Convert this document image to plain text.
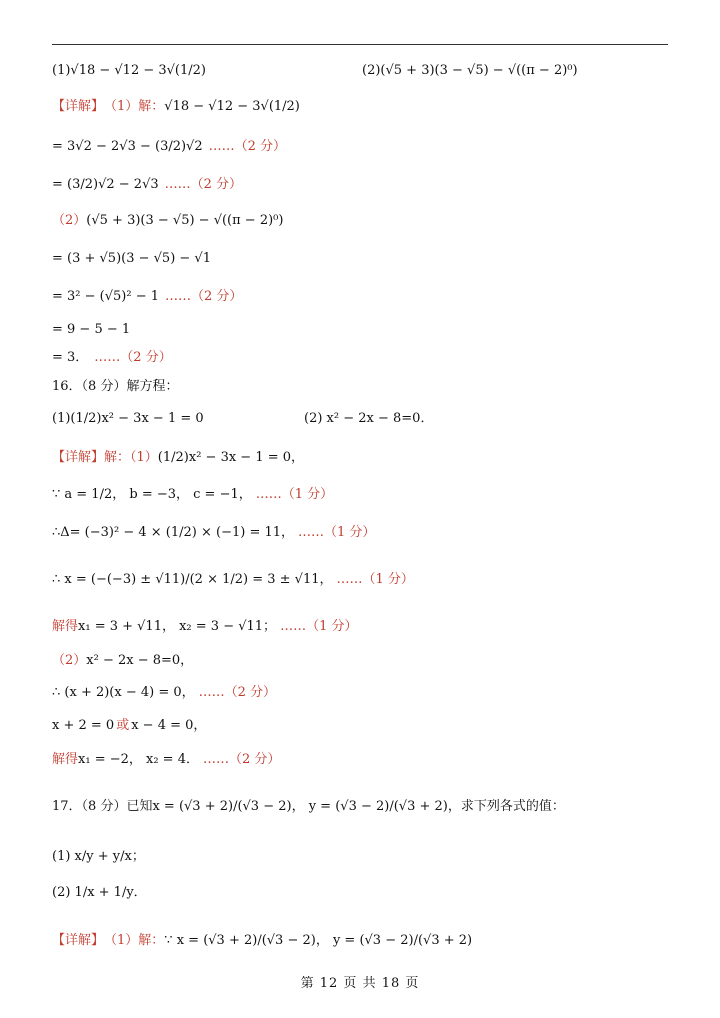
(1)√18 − √12 − 3√(1/2)	(2)(√5 + 3)(3 − √5) − √((π − 2)⁰)
【详解】 （1）解： √18 − √12 − 3√(1/2)
= 3√2 − 2√3 − (3/2)√2 ……（2 分）
= (3/2)√2 − 2√3 ……（2 分）
（2） (√5 + 3)(3 − √5) − √((π − 2)⁰)
= (3 + √5)(3 − √5) − √1
= 3² − (√5)² − 1 ……（2 分）
= 9 − 5 − 1
= 3． ……（2 分）
16．（8 分）解方程：
(1)(1/2)x² − 3x − 1 = 0	(2) x² − 2x − 8=0．
【详解】 解：（1） (1/2)x² − 3x − 1 = 0，
∵ a = 1/2， b = −3， c = −1， ……（1 分）
∴Δ= (−3)² − 4 × (1/2) × (−1) = 11， ……（1 分）
∴ x = (−(−3) ± √11)/(2 × 1/2) = 3 ± √11， ……（1 分）
解得 x₁ = 3 + √11， x₂ = 3 − √11； ……（1 分）
（2） x² − 2x − 8=0，
∴ (x + 2)(x − 4) = 0， ……（2 分）
x + 2 = 0 或 x − 4 = 0，
解得 x₁ = −2， x₂ = 4． ……（2 分）
17．（8 分）已知 x = (√3 + 2)/(√3 − 2)， y = (√3 − 2)/(√3 + 2)， 求下列各式的值：
(1) x/y + y/x；
(2) 1/x + 1/y．
【详解】 （1）解： ∵ x = (√3 + 2)/(√3 − 2)， y = (√3 − 2)/(√3 + 2)
第 12 页 共 18 页
